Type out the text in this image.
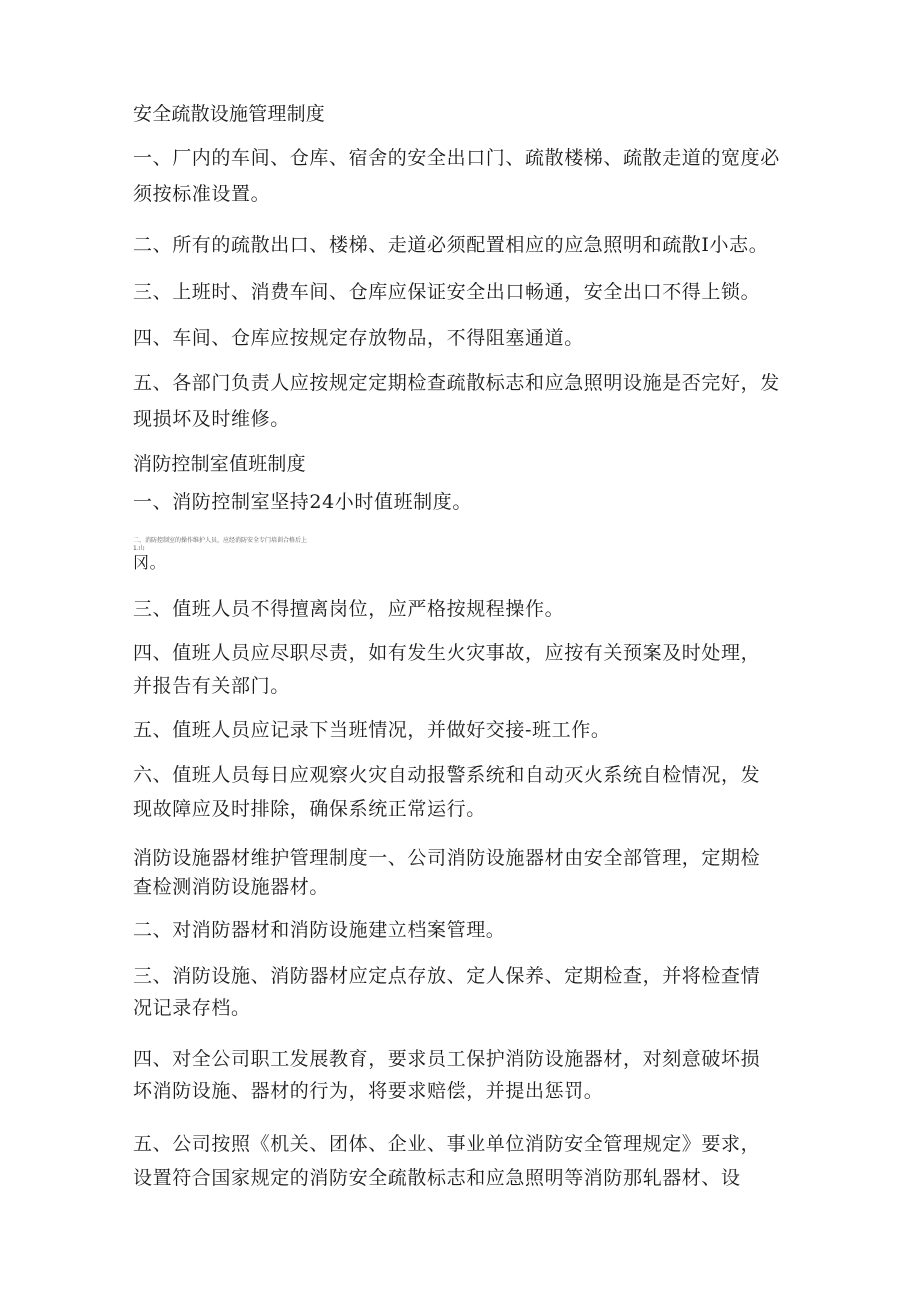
安全疏散设施管理制度

一、厂内的车间、仓库、宿舍的安全出口门、疏散楼梯、疏散走道的宽度必

须按标准设置。

二、所有的疏散出口、楼梯、走道必须配置相应的应急照明和疏散Ⅰ小志。

三、上班时、消费车间、仓库应保证安全出口畅通，安全出口不得上锁。

四、车间、仓库应按规定存放物品，不得阻塞通道。

五、各部门负责人应按规定定期检查疏散标志和应急照明设施是否完好，发

现损坏及时维修。

消防控制室值班制度

一、消防控制室坚持24小时值班制度。

二、消防控制室的操作维护人员，应经消防安全专门培训合格后上

1.山

冈。

三、值班人员不得擅离岗位，应严格按规程操作。

四、值班人员应尽职尽责，如有发生火灾事故，应按有关预案及时处理，

并报告有关部门。

五、值班人员应记录下当班情况，并做好交接-班工作。

六、值班人员每日应观察火灾自动报警系统和自动灭火系统自检情况，发

现故障应及时排除，确保系统正常运行。

消防设施器材维护管理制度一、公司消防设施器材由安全部管理，定期检

查检测消防设施器材。

二、对消防器材和消防设施建立档案管理。

三、消防设施、消防器材应定点存放、定人保养、定期检查，并将检查情

况记录存档。

四、对全公司职工发展教育，要求员工保护消防设施器材，对刻意破坏损

坏消防设施、器材的行为，将要求赔偿，并提出惩罚。

五、公司按照《机关、团体、企业、事业单位消防安全管理规定》要求，

设置符合国家规定的消防安全疏散标志和应急照明等消防那轧器材、设
